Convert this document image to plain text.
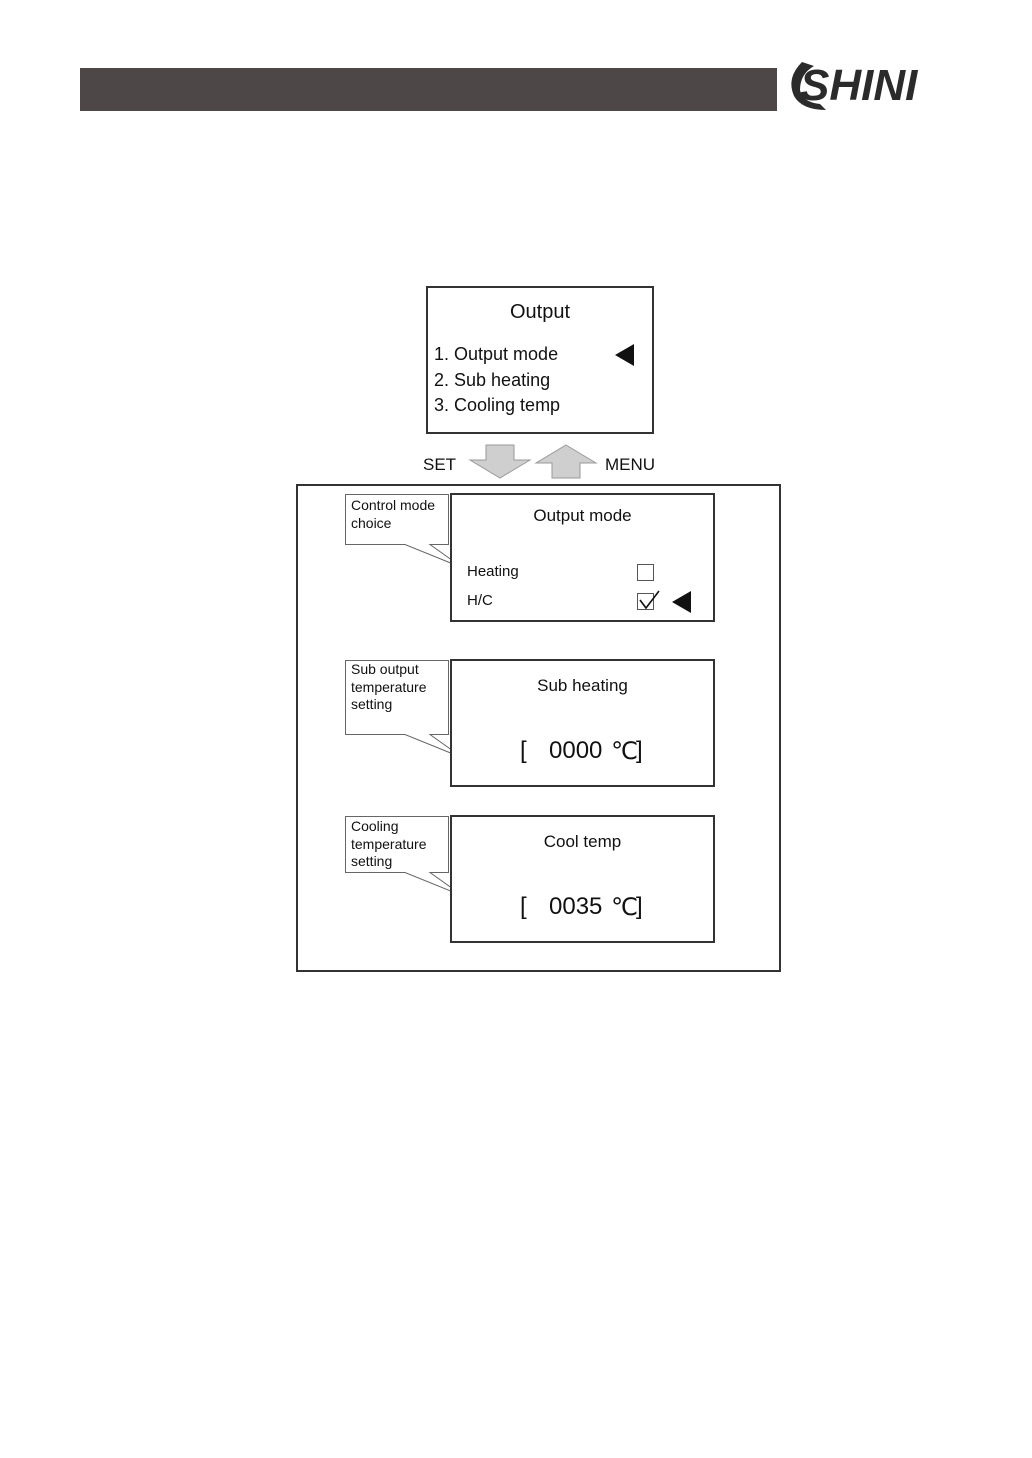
SHINI
Output
1. Output mode
2. Sub heating
3. Cooling temp
SET	MENU
Control mode
choice
Sub output
temperature
setting
Cooling
temperature
setting
Output mode
Heating
H/C
Sub heating
[ 0000 ℃
]
Cool temp
[ 0035 ℃
]
